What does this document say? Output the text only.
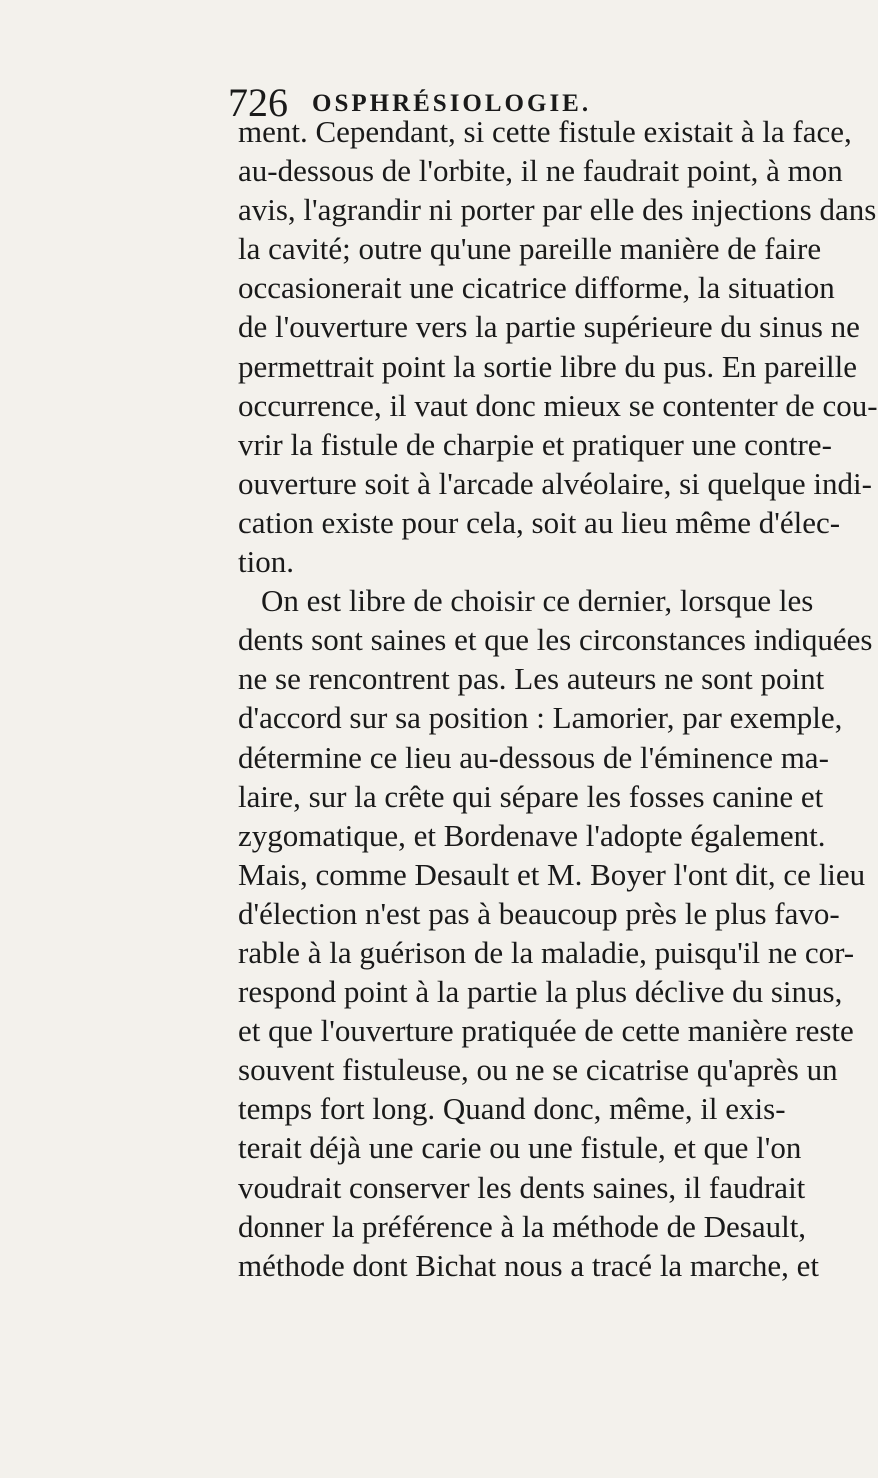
726 OSPHRÉSIOLOGIE.
ment. Cependant, si cette fistule existait à la face,
au-dessous de l'orbite, il ne faudrait point, à mon
avis, l'agrandir ni porter par elle des injections dans
la cavité; outre qu'une pareille manière de faire
occasionerait une cicatrice difforme, la situation
de l'ouverture vers la partie supérieure du sinus ne
permettrait point la sortie libre du pus. En pareille
occurrence, il vaut donc mieux se contenter de cou-
vrir la fistule de charpie et pratiquer une contre-
ouverture soit à l'arcade alvéolaire, si quelque indi-
cation existe pour cela, soit au lieu même d'élec-
tion.
On est libre de choisir ce dernier, lorsque les
dents sont saines et que les circonstances indiquées
ne se rencontrent pas. Les auteurs ne sont point
d'accord sur sa position : Lamorier, par exemple,
détermine ce lieu au-dessous de l'éminence ma-
laire, sur la crête qui sépare les fosses canine et
zygomatique, et Bordenave l'adopte également.
Mais, comme Desault et M. Boyer l'ont dit, ce lieu
d'élection n'est pas à beaucoup près le plus favo-
rable à la guérison de la maladie, puisqu'il ne cor-
respond point à la partie la plus déclive du sinus,
et que l'ouverture pratiquée de cette manière reste
souvent fistuleuse, ou ne se cicatrise qu'après un
temps fort long. Quand donc, même, il exis-
terait déjà une carie ou une fistule, et que l'on
voudrait conserver les dents saines, il faudrait
donner la préférence à la méthode de Desault,
méthode dont Bichat nous a tracé la marche, et
